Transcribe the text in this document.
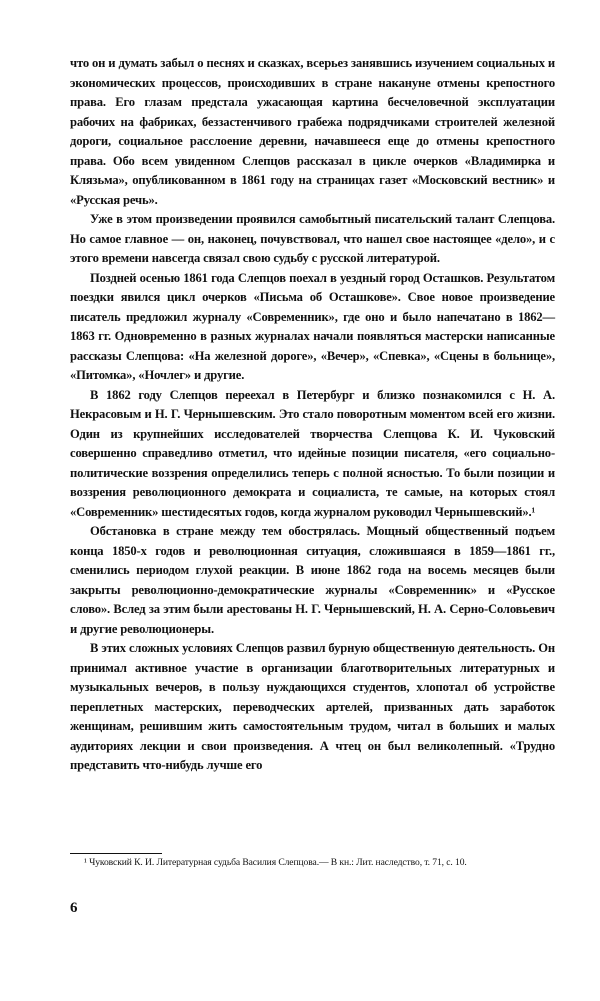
что он и думать забыл о песнях и сказках, всерьез занявшись изучением социальных и экономических процессов, происходивших в стране накануне отмены крепостного права. Его глазам предстала ужасающая картина бесчеловечной эксплуатации рабочих на фабриках, беззастенчивого грабежа подрядчиками строителей железной дороги, социальное расслоение деревни, начавшееся еще до отмены крепостного права. Обо всем увиденном Слепцов рассказал в цикле очерков «Владимирка и Клязьма», опубликованном в 1861 году на страницах газет «Московский вестник» и «Русская речь».

Уже в этом произведении проявился самобытный писательский талант Слепцова. Но самое главное — он, наконец, почувствовал, что нашел свое настоящее «дело», и с этого времени навсегда связал свою судьбу с русской литературой.

Поздней осенью 1861 года Слепцов поехал в уездный город Осташков. Результатом поездки явился цикл очерков «Письма об Осташкове». Свое новое произведение писатель предложил журналу «Современник», где оно и было напечатано в 1862—1863 гг. Одновременно в разных журналах начали появляться мастерски написанные рассказы Слепцова: «На железной дороге», «Вечер», «Спевка», «Сцены в больнице», «Питомка», «Ночлег» и другие.

В 1862 году Слепцов переехал в Петербург и близко познакомился с Н. А. Некрасовым и Н. Г. Чернышевским. Это стало поворотным моментом всей его жизни. Один из крупнейших исследователей творчества Слепцова К. И. Чуковский совершенно справедливо отметил, что идейные позиции писателя, «его социально-политические воззрения определились теперь с полной ясностью. То были позиции и воззрения революционного демократа и социалиста, те самые, на которых стоял «Современник» шестидесятых годов, когда журналом руководил Чернышевский».¹

Обстановка в стране между тем обострялась. Мощный общественный подъем конца 1850-х годов и революционная ситуация, сложившаяся в 1859—1861 гг., сменились периодом глухой реакции. В июне 1862 года на восемь месяцев были закрыты революционно-демократические журналы «Современник» и «Русское слово». Вслед за этим были арестованы Н. Г. Чернышевский, Н. А. Серно-Соловьевич и другие революционеры.

В этих сложных условиях Слепцов развил бурную общественную деятельность. Он принимал активное участие в организации благотворительных литературных и музыкальных вечеров, в пользу нуждающихся студентов, хлопотал об устройстве переплетных мастерских, переводческих артелей, призванных дать заработок женщинам, решившим жить самостоятельным трудом, читал в больших и малых аудиториях лекции и свои произведения. А чтец он был великолепный. «Трудно представить что-нибудь лучше его

¹ Чуковский К. И. Литературная судьба Василия Слепцова.— В кн.: Лит. наследство, т. 71, с. 10.
6
